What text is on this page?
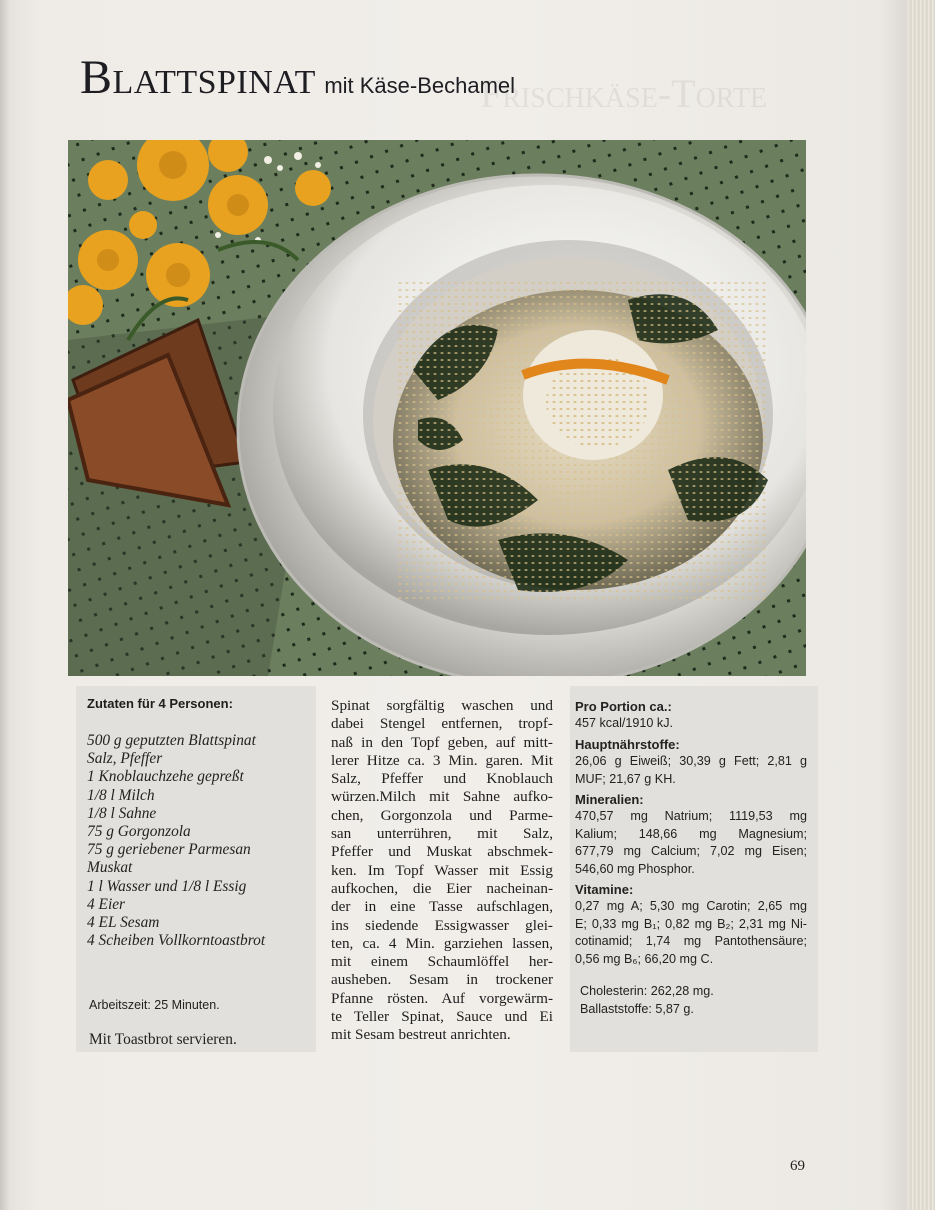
Frischkäse-Torte
Blattspinat mit Käse-Bechamel
Zutaten für 4 Personen:
500 g geputzten Blattspinat
Salz, Pfeffer
1 Knoblauchzehe gepreßt
1/8 l Milch
1/8 l Sahne
75 g Gorgonzola
75 g geriebener Parmesan
Muskat
1 l Wasser und 1/8 l Essig
4 Eier
4 EL Sesam
4 Scheiben Vollkorntoastbrot
Arbeitszeit: 25 Minuten.
Mit Toastbrot servieren.
Spinat sorgfältig waschen und
dabei Stengel entfernen, tropf-
naß in den Topf geben, auf mitt-
lerer Hitze ca. 3 Min. garen. Mit
Salz, Pfeffer und Knoblauch
würzen.Milch mit Sahne aufko-
chen, Gorgonzola und Parme-
san unterrühren, mit Salz,
Pfeffer und Muskat abschmek-
ken. Im Topf Wasser mit Essig
aufkochen, die Eier nacheinan-
der in eine Tasse aufschlagen,
ins siedende Essigwasser glei-
ten, ca. 4 Min. garziehen lassen,
mit einem Schaumlöffel her-
ausheben. Sesam in trockener
Pfanne rösten. Auf vorgewärm-
te Teller Spinat, Sauce und Ei
mit Sesam bestreut anrichten.
Pro Portion ca.:
457 kcal/1910 kJ.
Hauptnährstoffe:
26,06 g Eiweiß; 30,39 g Fett; 2,81 g
MUF; 21,67 g KH.
Mineralien:
470,57 mg Natrium; 1119,53 mg
Kalium; 148,66 mg Magnesium;
677,79 mg Calcium; 7,02 mg Eisen;
546,60 mg Phosphor.
Vitamine:
0,27 mg A; 5,30 mg Carotin; 2,65 mg
E; 0,33 mg B₁; 0,82 mg B₂; 2,31 mg Ni-
cotinamid; 1,74 mg Pantothensäure;
0,56 mg B₆; 66,20 mg C.
Cholesterin: 262,28 mg.
Ballaststoffe: 5,87 g.
69
